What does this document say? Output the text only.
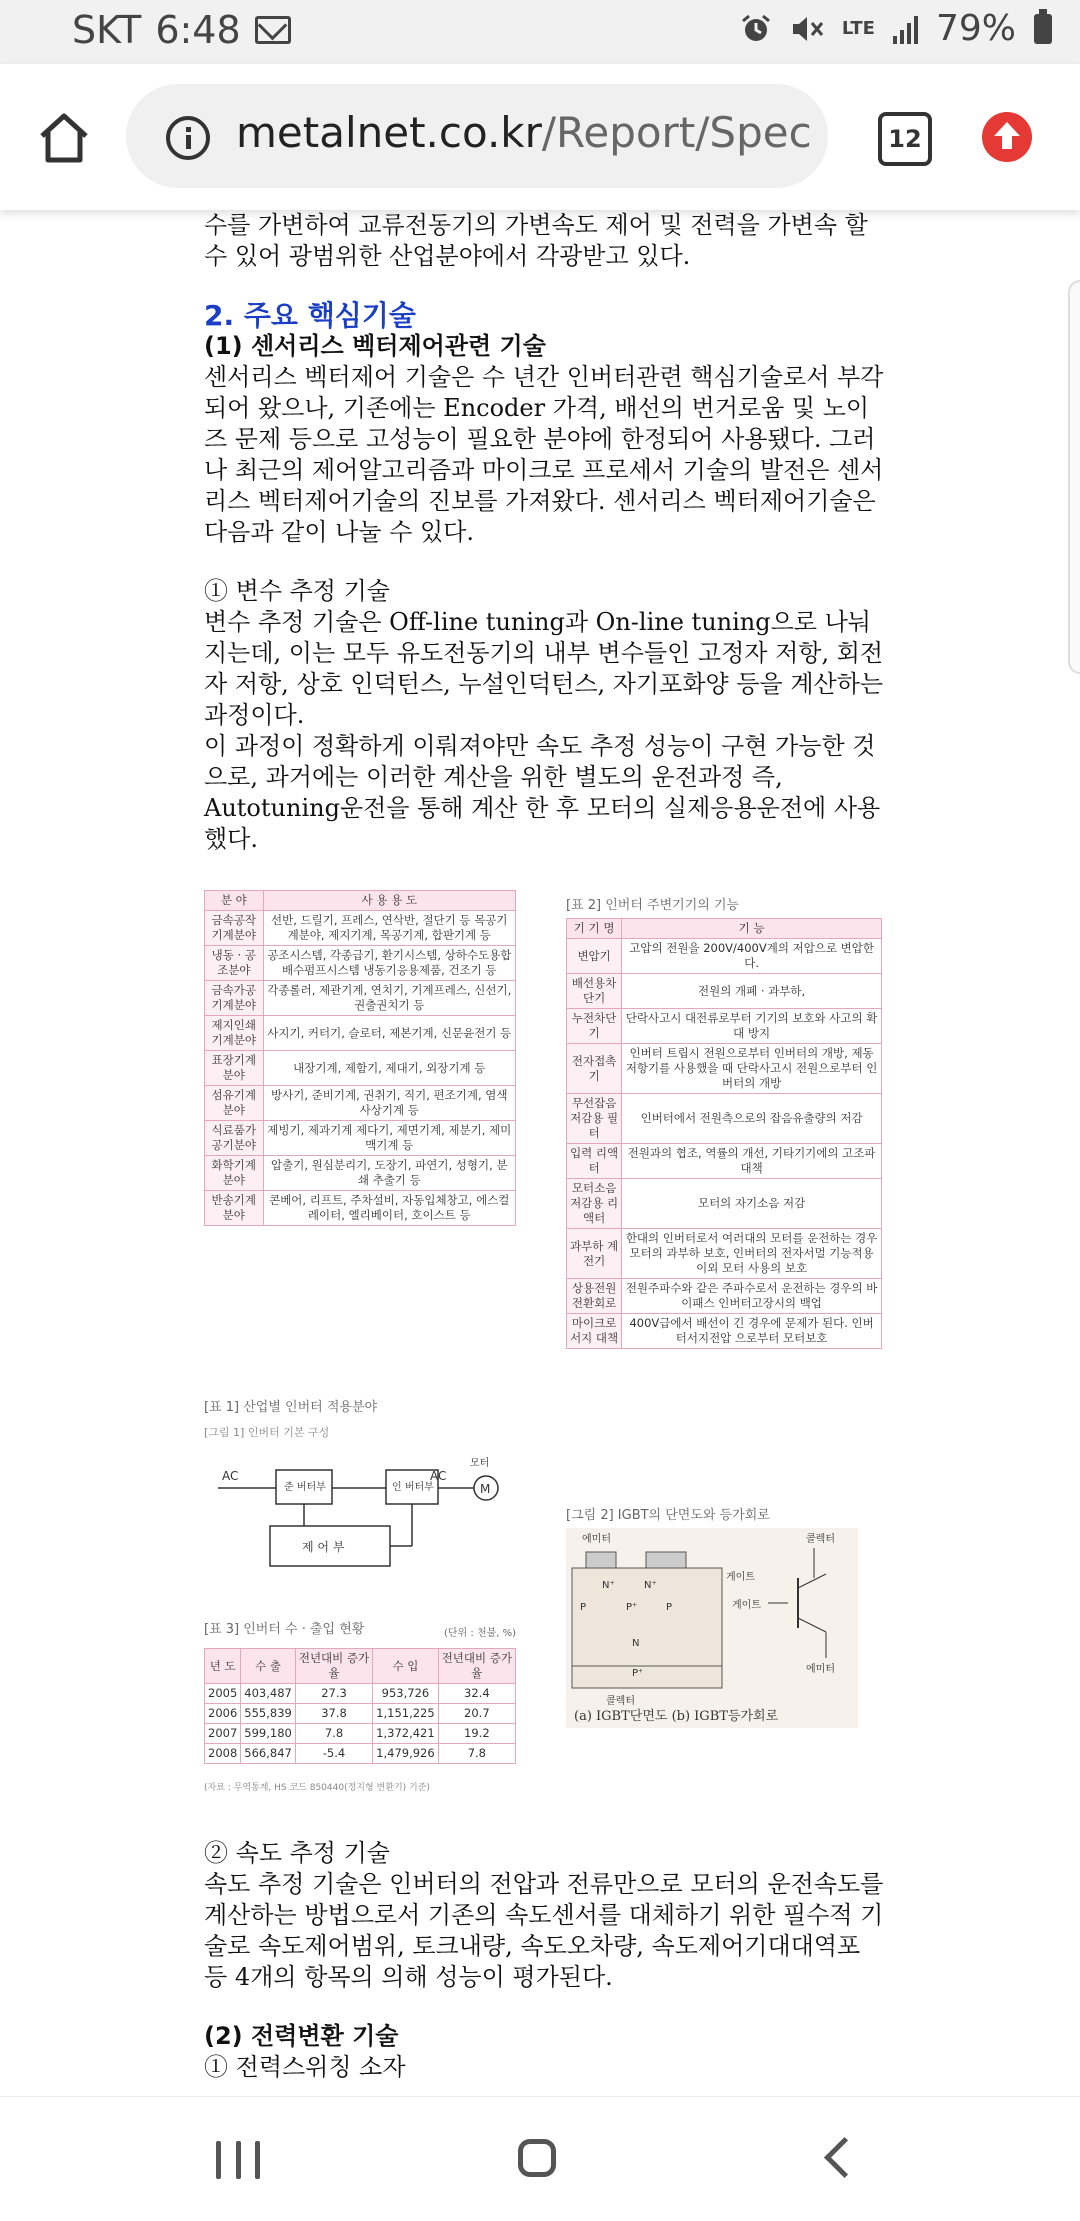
SKT 6:48	LTE 79%
metalnet.co.kr/Report/Spec	12

수를 가변하여 교류전동기의 가변속도 제어 및 전력을 가변속 할 수 있어 광범위한 산업분야에서 각광받고 있다.

2. 주요 핵심기술

(1) 센서리스 벡터제어관련 기술

센서리스 벡터제어 기술은 수 년간 인버터관련 핵심기술로서 부각되어 왔으나, 기존에는 Encoder 가격, 배선의 번거로움 및 노이즈 문제 등으로 고성능이 필요한 분야에 한정되어 사용됐다. 그러나 최근의 제어알고리즘과 마이크로 프로세서 기술의 발전은 센서리스 벡터제어기술의 진보를 가져왔다. 센서리스 벡터제어기술은 다음과 같이 나눌 수 있다.

① 변수 추정 기술

변수 추정 기술은 Off-line tuning과 On-line tuning으로 나눠지는데, 이는 모두 유도전동기의 내부 변수들인 고정자 저항, 회전자 저항, 상호 인덕턴스, 누설인덕턴스, 자기포화양 등을 계산하는 과정이다.

이 과정이 정확하게 이뤄져야만 속도 추정 성능이 구현 가능한 것으로, 과거에는 이러한 계산을 위한 별도의 운전과정 즉, Autotuning운전을 통해 계산 한 후 모터의 실제응용운전에 사용했다.

분 야	사 용 용 도
금속공작기계분야	선반, 드릴기, 프레스, 연삭반, 절단기 등 목공기계분야, 제지기계, 목공기계, 합판기계 등
냉동 · 공조분야	공조시스템, 각종급기, 환기시스템, 상하수도용합배수펌프시스템 냉동기응용제품, 건조기 등
금속가공기계분야	각종롤러, 제관기계, 연치기, 기계프레스, 신선기, 권출권치기 등
제지인쇄기계분야	사지기, 커터기, 슬로터, 제본기계, 신문윤전기 등
표장기계분야	내장기계, 제함기, 제대기, 외장기계 등
섬유기계분야	방사기, 준비기계, 권취기, 직기, 편조기계, 염색사상기계 등
식료품가공기분야	제빙기, 제과기계 제다기, 제면기계, 제분기, 제미맥기계 등
화학기계분야	압출기, 원심분리기, 도장기, 파연기, 성형기, 분쇄 추출기 등
반송기계분야	콘베어, 리프트, 주차설비, 자동입체창고, 에스컬레이터, 엘리베이터, 호이스트 등
[표 1] 산업별 인버터 적용분야
[그림 1] 인버터 기본 구성
AC
준 버터부	인 버터부
AC
모터
M
제 어 부
[표 3] 인버터 수 · 출입 현황	(단위 : 천불, %)
년 도	수 출	전년대비 증가율	수 입	전년대비 증가율
2005	403,487	27.3	953,726	32.4
2006	555,839	37.8	1,151,225	20.7
2007	599,180	7.8	1,372,421	19.2
2008	566,847	-5.4	1,479,926	7.8
(자료 : 무역통계, HS 코드 850440(정지형 변환기) 기준)
[표 2] 인버터 주변기기의 기능
기 기 명	기 능
변압기	고압의 전원을 200V/400V계의 저압으로 변압한다.
배선용차단기	전원의 개폐 · 과부하,
누전차단기	단락사고시 대전류로부터 기기의 보호와 사고의 확대 방지
전자접촉기	인버터 트립시 전원으로부터 인버터의 개방, 제동저항기를 사용했을 때 단락사고시 전원으로부터 인버터의 개방
무선잡음저감용 필터	인버터에서 전원측으로의 잡음유출량의 저감
입력 리액터	전원과의 협조, 역률의 개선, 기타기기에의 고조파 대책
모터소음 저감용 리액터	모터의 자기소음 저감
과부하 계전기	한대의 인버터로서 여러대의 모터를 운전하는 경우 모터의 과부하 보호, 인버터의 전자서멀 기능적용이외 모터 사용의 보호
상용전원 전환회로	전원주파수와 같은 주파수로서 운전하는 경우의 바이패스 인버터고장시의 백업
마이크로 서지 대책	400V급에서 배선이 긴 경우에 문제가 된다. 인버터서지전압 으로부터 모터보호
[그림 2] IGBT의 단면도와 등가회로
에미터
N⁺	N⁺
P	P⁺	P
N
P⁺
콜렉터
게이트
콜렉터
게이트
에미터
(a) IGBT단면도 (b) IGBT등가회로

② 속도 추정 기술

속도 추정 기술은 인버터의 전압과 전류만으로 모터의 운전속도를 계산하는 방법으로서 기존의 속도센서를 대체하기 위한 필수적 기술로 속도제어범위, 토크내량, 속도오차량, 속도제어기대대역포 등 4개의 항목의 의해 성능이 평가된다.

(2) 전력변환 기술

① 전력스위칭 소자
